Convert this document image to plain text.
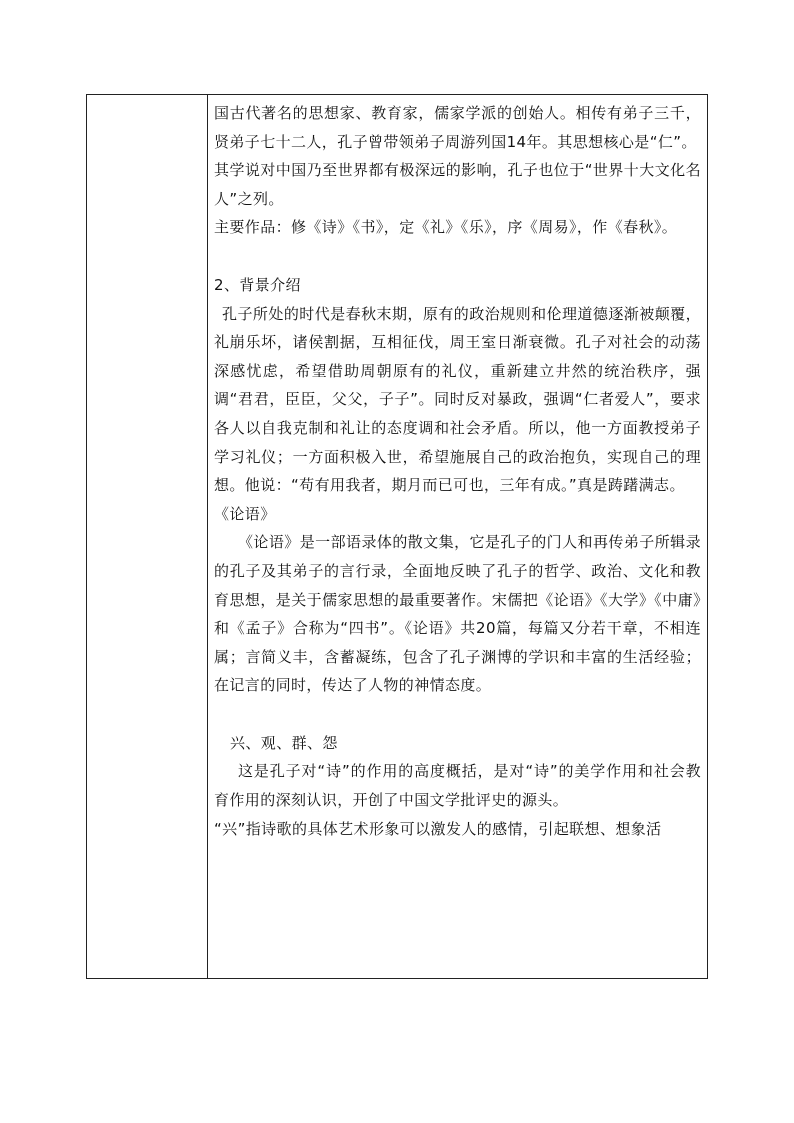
国古代著名的思想家、教育家，儒家学派的创始人。相传有弟子三千，贤弟子七十二人，孔子曾带领弟子周游列国14年。其思想核心是“仁”。

其学说对中国乃至世界都有极深远的影响，孔子也位于“世界十大文化名人”之列。

主要作品：修《诗》《书》，定《礼》《乐》，序《周易》，作《春秋》。

2、背景介绍

孔子所处的时代是春秋末期，原有的政治规则和伦理道德逐渐被颠覆，礼崩乐坏，诸侯割据，互相征伐，周王室日渐衰微。孔子对社会的动荡深感忧虑，希望借助周朝原有的礼仪，重新建立井然的统治秩序，强调“君君，臣臣，父父，子子”。同时反对暴政，强调“仁者爱人”，要求各人以自我克制和礼让的态度调和社会矛盾。所以，他一方面教授弟子学习礼仪；一方面积极入世，希望施展自己的政治抱负，实现自己的理想。他说：“苟有用我者，期月而已可也，三年有成。”真是踌躇满志。

《论语》

《论语》是一部语录体的散文集，它是孔子的门人和再传弟子所辑录的孔子及其弟子的言行录，全面地反映了孔子的哲学、政治、文化和教育思想，是关于儒家思想的最重要著作。宋儒把《论语》《大学》《中庸》和《孟子》合称为“四书”。《论语》共20篇，每篇又分若干章，不相连属；言简义丰，含蓄凝练，包含了孔子渊博的学识和丰富的生活经验；在记言的同时，传达了人物的神情态度。

兴、观、群、怨

这是孔子对“诗”的作用的高度概括，是对“诗”的美学作用和社会教育作用的深刻认识，开创了中国文学批评史的源头。

“兴”指诗歌的具体艺术形象可以激发人的感情，引起联想、想象活
